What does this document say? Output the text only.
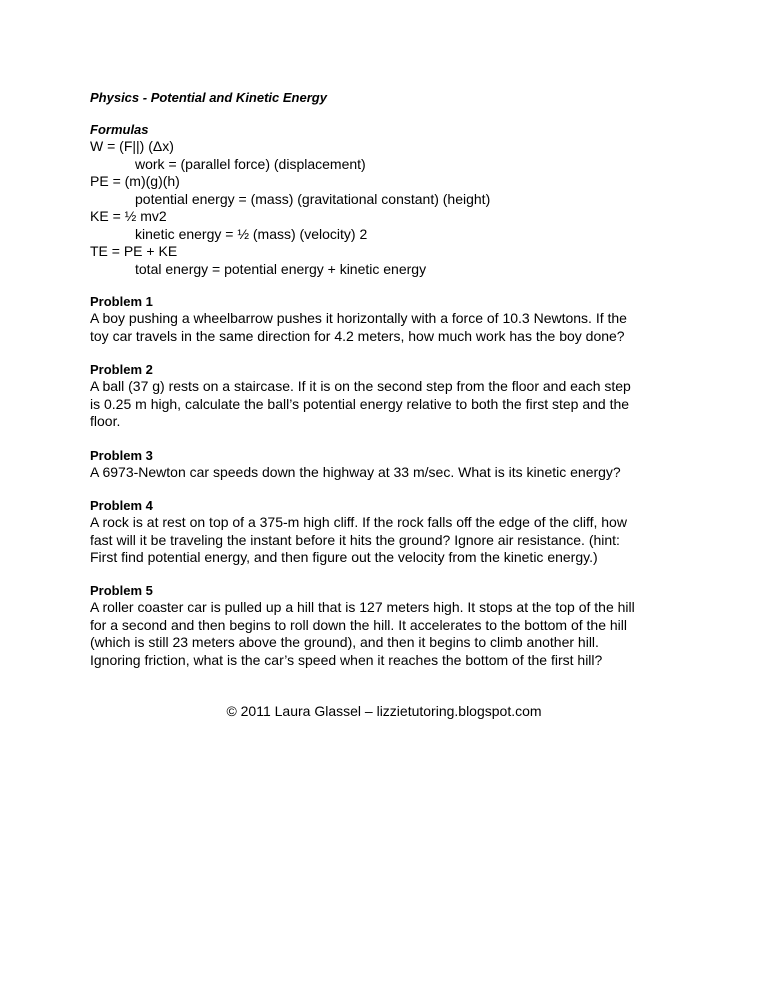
Physics - Potential and Kinetic Energy
Formulas
W = (F||) (Δx)
work = (parallel force) (displacement)
PE = (m)(g)(h)
potential energy = (mass) (gravitational constant) (height)
KE = ½ mv2
kinetic energy = ½ (mass) (velocity) 2
TE = PE + KE
total energy = potential energy + kinetic energy
Problem 1
A boy pushing a wheelbarrow pushes it horizontally with a force of 10.3 Newtons. If the
toy car travels in the same direction for 4.2 meters, how much work has the boy done?
Problem 2
A ball (37 g) rests on a staircase. If it is on the second step from the floor and each step
is 0.25 m high, calculate the ball’s potential energy relative to both the first step and the
floor.
Problem 3
A 6973-Newton car speeds down the highway at 33 m/sec. What is its kinetic energy?
Problem 4
A rock is at rest on top of a 375-m high cliff. If the rock falls off the edge of the cliff, how
fast will it be traveling the instant before it hits the ground? Ignore air resistance. (hint:
First find potential energy, and then figure out the velocity from the kinetic energy.)
Problem 5
A roller coaster car is pulled up a hill that is 127 meters high. It stops at the top of the hill
for a second and then begins to roll down the hill. It accelerates to the bottom of the hill
(which is still 23 meters above the ground), and then it begins to climb another hill.
Ignoring friction, what is the car’s speed when it reaches the bottom of the first hill?
© 2011 Laura Glassel – lizzietutoring.blogspot.com
